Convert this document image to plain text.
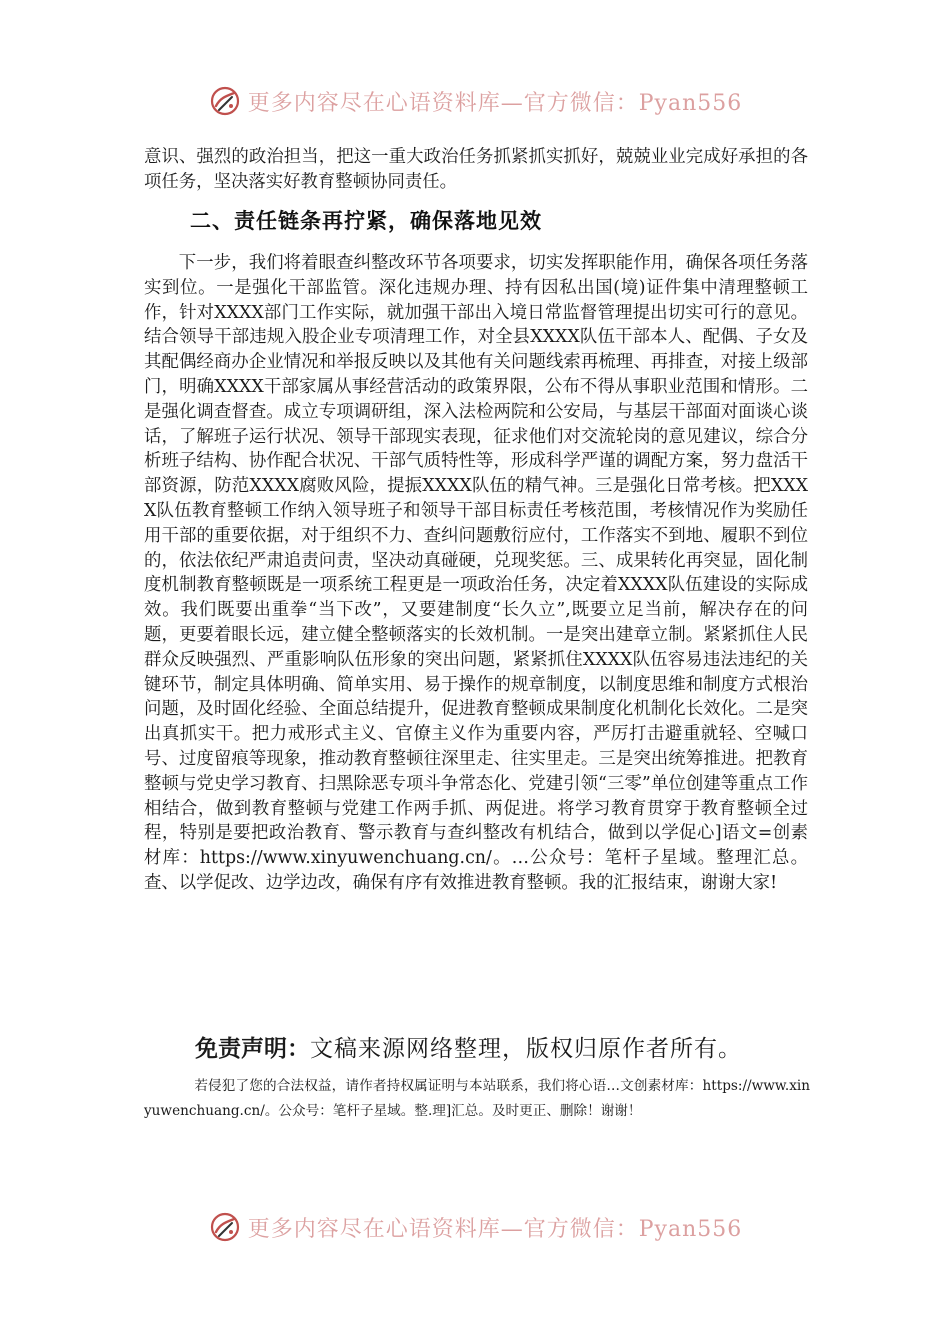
更多内容尽在心语资料库—官方微信：Pyan556

意识、强烈的政治担当，把这一重大政治任务抓紧抓实抓好，兢兢业业完成好承担的各项任务，坚决落实好教育整顿协同责任。

二、责任链条再拧紧，确保落地见效

下一步，我们将着眼查纠整改环节各项要求，切实发挥职能作用，确保各项任务落实到位。一是强化干部监管。深化违规办理、持有因私出国(境)证件集中清理整顿工作，针对XXXX部门工作实际，就加强干部出入境日常监督管理提出切实可行的意见。结合领导干部违规入股企业专项清理工作，对全县XXXX队伍干部本人、配偶、子女及其配偶经商办企业情况和举报反映以及其他有关问题线索再梳理、再排查，对接上级部门，明确XXXX干部家属从事经营活动的政策界限，公布不得从事职业范围和情形。二是强化调查督查。成立专项调研组，深入法检两院和公安局，与基层干部面对面谈心谈话，了解班子运行状况、领导干部现实表现，征求他们对交流轮岗的意见建议，综合分析班子结构、协作配合状况、干部气质特性等，形成科学严谨的调配方案，努力盘活干部资源，防范XXXX腐败风险，提振XXXX队伍的精气神。三是强化日常考核。把XXXX队伍教育整顿工作纳入领导班子和领导干部目标责任考核范围，考核情况作为奖励任用干部的重要依据，对于组织不力、查纠问题敷衍应付，工作落实不到地、履职不到位的，依法依纪严肃追责问责，坚决动真碰硬，兑现奖惩。三、成果转化再突显，固化制度机制教育整顿既是一项系统工程更是一项政治任务，决定着XXXX队伍建设的实际成效。我们既要出重拳“当下改”，又要建制度“长久立”,既要立足当前，解决存在的问题，更要着眼长远，建立健全整顿落实的长效机制。一是突出建章立制。紧紧抓住人民群众反映强烈、严重影响队伍形象的突出问题，紧紧抓住XXXX队伍容易违法违纪的关键环节，制定具体明确、简单实用、易于操作的规章制度，以制度思维和制度方式根治问题，及时固化经验、全面总结提升，促进教育整顿成果制度化机制化长效化。二是突出真抓实干。把力戒形式主义、官僚主义作为重要内容，严厉打击避重就轻、空喊口号、过度留痕等现象，推动教育整顿往深里走、往实里走。三是突出统筹推进。把教育整顿与党史学习教育、扫黑除恶专项斗争常态化、党建引领“三零”单位创建等重点工作相结合，做到教育整顿与党建工作两手抓、两促进。将学习教育贯穿于教育整顿全过程，特别是要把政治教育、警示教育与查纠整改有机结合，做到以学促心]语文=创素材库：https://www.xinyuwenchuang.cn/。…公众号：笔杆子星域。整理汇总。查、以学促改、边学边改，确保有序有效推进教育整顿。我的汇报结束，谢谢大家!

免责声明：文稿来源网络整理，版权归原作者所有。

若侵犯了您的合法权益，请作者持权属证明与本站联系，我们将心语…文创素材库：https://www.xinyuwenchuang.cn/。公众号：笔杆子星域。整.理]汇总。及时更正、删除！谢谢！

更多内容尽在心语资料库—官方微信：Pyan556
